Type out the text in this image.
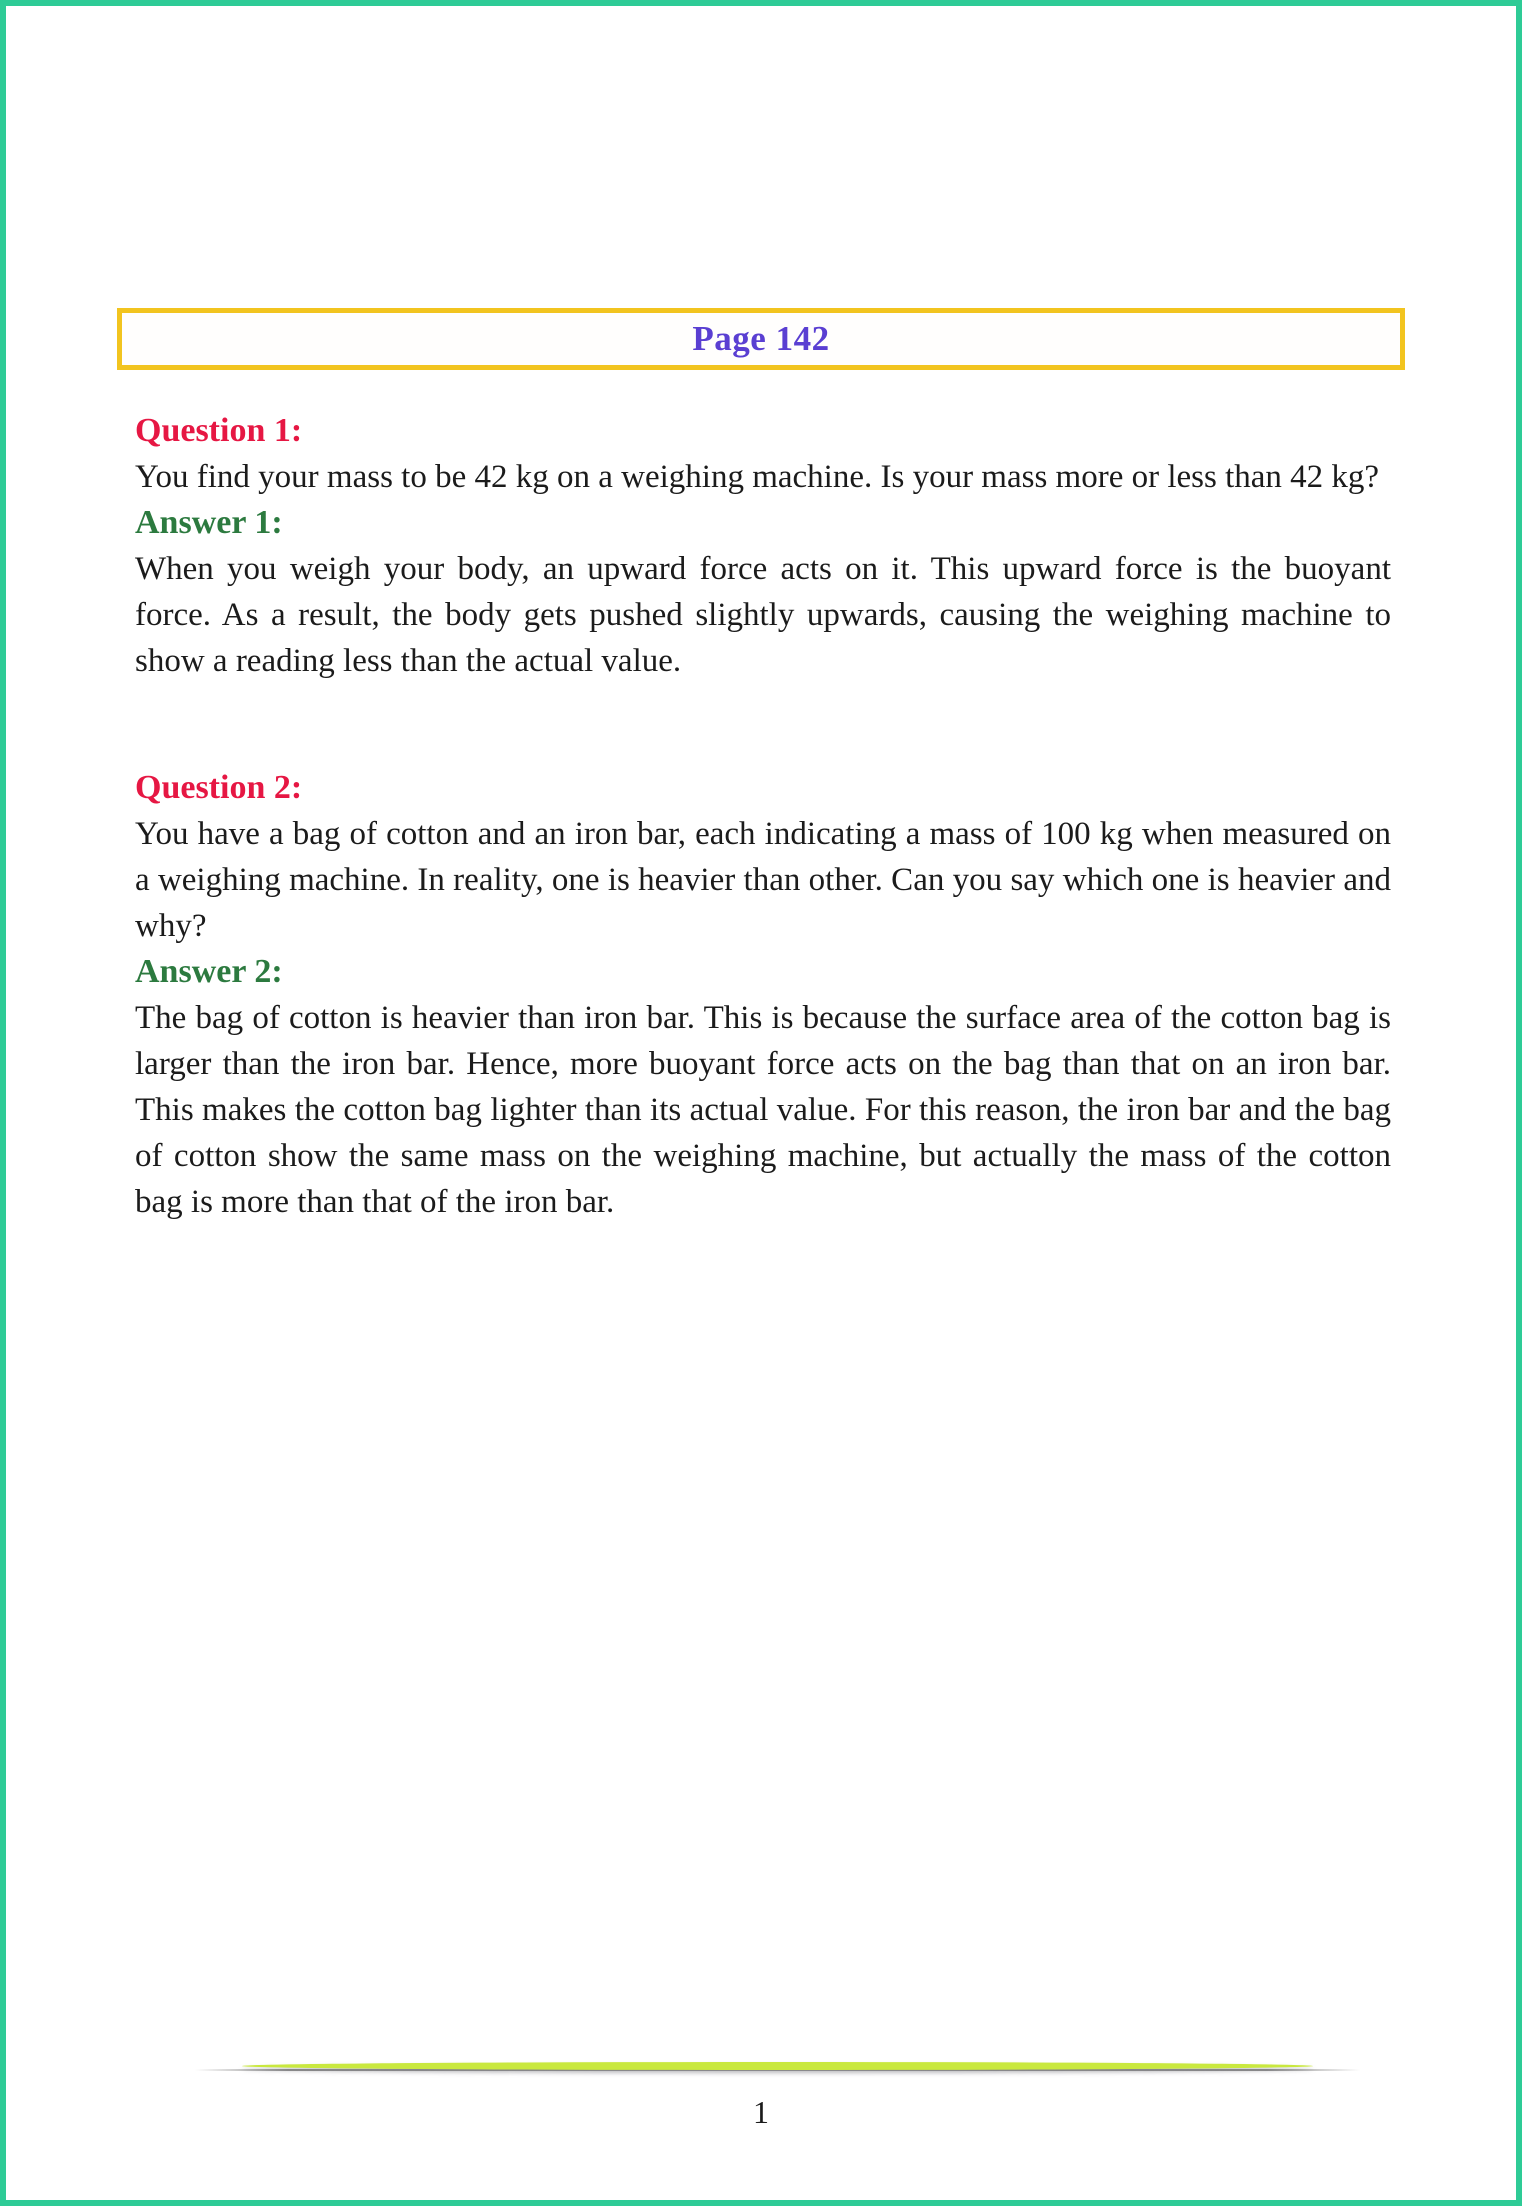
Page 142
Question 1:

You find your mass to be 42 kg on a weighing machine. Is your mass more or less than 42 kg?

Answer 1:

When you weigh your body, an upward force acts on it. This upward force is the buoyant force. As a result, the body gets pushed slightly upwards, causing the weighing machine to show a reading less than the actual value.

Question 2:

You have a bag of cotton and an iron bar, each indicating a mass of 100 kg when measured on a weighing machine. In reality, one is heavier than other. Can you say which one is heavier and why?

Answer 2:

The bag of cotton is heavier than iron bar. This is because the surface area of the cotton bag is larger than the iron bar. Hence, more buoyant force acts on the bag than that on an iron bar. This makes the cotton bag lighter than its actual value. For this reason, the iron bar and the bag of cotton show the same mass on the weighing machine, but actually the mass of the cotton bag is more than that of the iron bar.

1
